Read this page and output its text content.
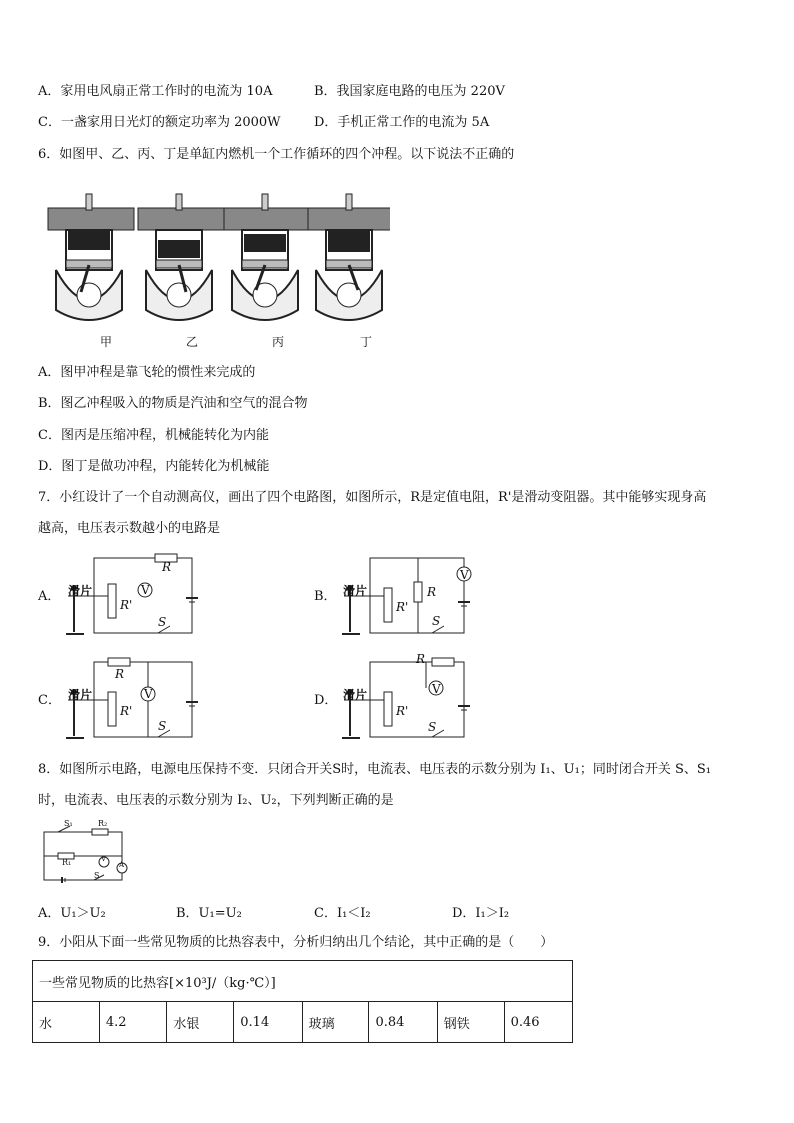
A．家用电风扇正常工作时的电流为 10A	B．我国家庭电路的电压为 220V
C．一盏家用日光灯的额定功率为 2000W	D．手机正常工作的电流为 5A
6．如图甲、乙、丙、丁是单缸内燃机一个工作循环的四个冲程。以下说法不正确的
甲	乙	丙	丁
A．图甲冲程是靠飞轮的惯性来完成的
B．图乙冲程吸入的物质是汽油和空气的混合物
C．图丙是压缩冲程，机械能转化为内能
D．图丁是做功冲程，内能转化为机械能
7．小红设计了一个自动测高仪，画出了四个电路图，如图所示，R是定值电阻，R'是滑动变阻器。其中能够实现身高
越高，电压表示数越小的电路是
A．	B．
C．	D．
滑片
R
R'
V
S
滑片	R
R'
V
S
滑片
R
R'
V
S
滑片
R
R'
V
S
8．如图所示电路，电源电压保持不变．只闭合开关S时，电流表、电压表的示数分别为 I₁、U₁；同时闭合开关 S、S₁
时，电流表、电压表的示数分别为 I₂、U₂，下列判断正确的是
S₁	R₂
R₁	V
A
S
A．U₁＞U₂	B．U₁=U₂	C．I₁＜I₂	D．I₁＞I₂
9．小阳从下面一些常见物质的比热容表中，分析归纳出几个结论，其中正确的是（　　）
一些常见物质的比热容[×10³J/（kg·℃）]
水	4.2	水银	0.14	玻璃	0.84	钢铁	0.46
